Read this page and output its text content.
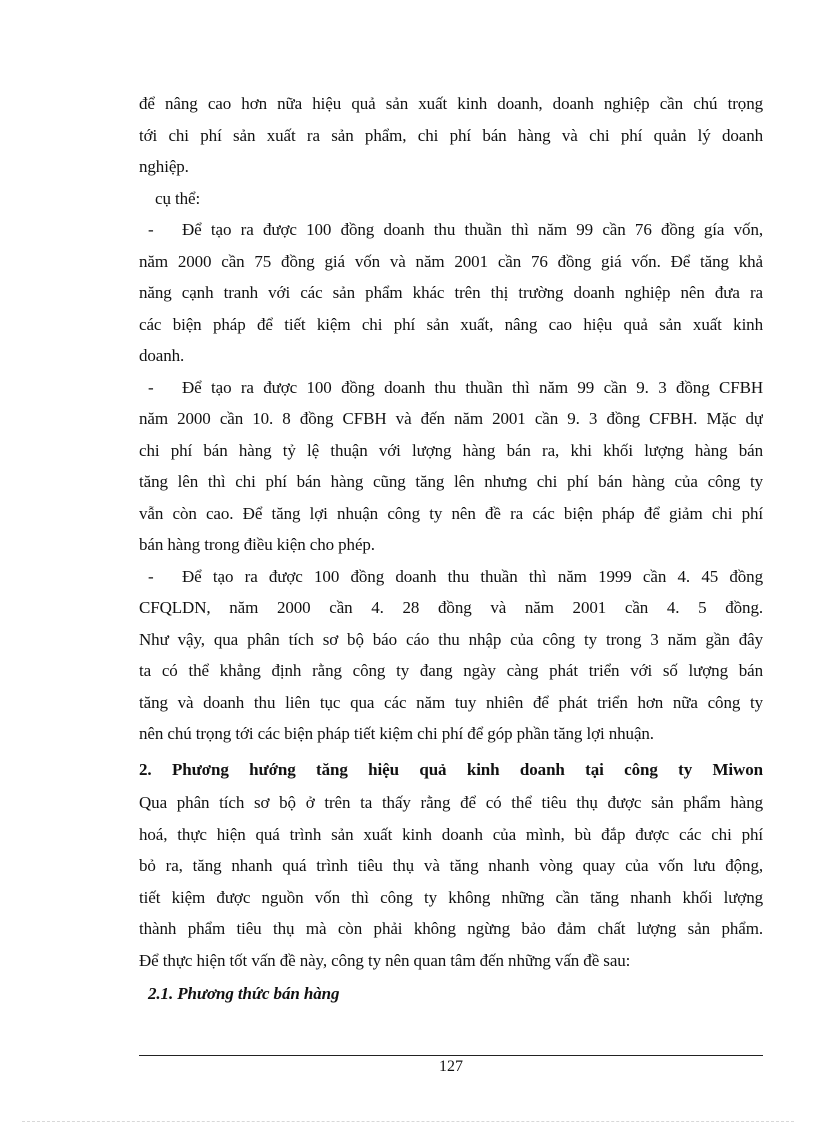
để nâng cao hơn nữa hiệu quả sản xuất kinh doanh, doanh nghiệp cần chú trọng
tới chi phí sản xuất ra sản phẩm, chi phí bán hàng và chi phí quản lý doanh
nghiệp.
cụ thể:
-	Để tạo ra được 100 đồng doanh thu thuần thì năm 99 cần 76 đồng gía vốn,
năm 2000 cần 75 đồng giá vốn và năm 2001 cần 76 đồng giá vốn. Để tăng khả
năng cạnh tranh với các sản phẩm khác trên thị trường doanh nghiệp nên đưa ra
các biện pháp để tiết kiệm chi phí sản xuất, nâng cao hiệu quả sản xuất kinh
doanh.
-	Để tạo ra được 100 đồng doanh thu thuần thì năm 99 cần 9. 3 đồng CFBH
năm 2000 cần 10. 8 đồng CFBH và đến năm 2001 cần 9. 3 đồng CFBH. Mặc dự
chi phí bán hàng tỷ lệ thuận với lượng hàng bán ra, khi khối lượng hàng bán
tăng lên thì chi phí bán hàng cũng tăng lên nhưng chi phí bán hàng của công ty
vẫn còn cao. Để tăng lợi nhuận công ty nên đề ra các biện pháp để giảm chi phí
bán hàng trong điều kiện cho phép.
-	Để tạo ra được 100 đồng doanh thu thuần thì năm 1999 cần 4. 45 đồng
CFQLDN, năm 2000 cần 4. 28 đồng và năm 2001 cần 4. 5 đồng.
Như vậy, qua phân tích sơ bộ báo cáo thu nhập của công ty trong 3 năm gần đây
ta có thể khẳng định rằng công ty đang ngày càng phát triển với số lượng bán
tăng và doanh thu liên tục qua các năm tuy nhiên để phát triển hơn nữa công ty
nên chú trọng tới các biện pháp tiết kiệm chi phí để góp phần tăng lợi nhuận.
2. Phương hướng tăng hiệu quả kinh doanh tại công ty Miwon
Qua phân tích sơ bộ ở trên ta thấy rằng để có thể tiêu thụ được sản phẩm hàng
hoá, thực hiện quá trình sản xuất kinh doanh của mình, bù đắp được các chi phí
bỏ ra, tăng nhanh quá trình tiêu thụ và tăng nhanh vòng quay của vốn lưu động,
tiết kiệm được nguồn vốn thì công ty không những cần tăng nhanh khối lượng
thành phẩm tiêu thụ mà còn phải không ngừng bảo đảm chất lượng sản phẩm.
Để thực hiện tốt vấn đề này, công ty nên quan tâm đến những vấn đề sau:
2.1. Phương thức bán hàng
127
